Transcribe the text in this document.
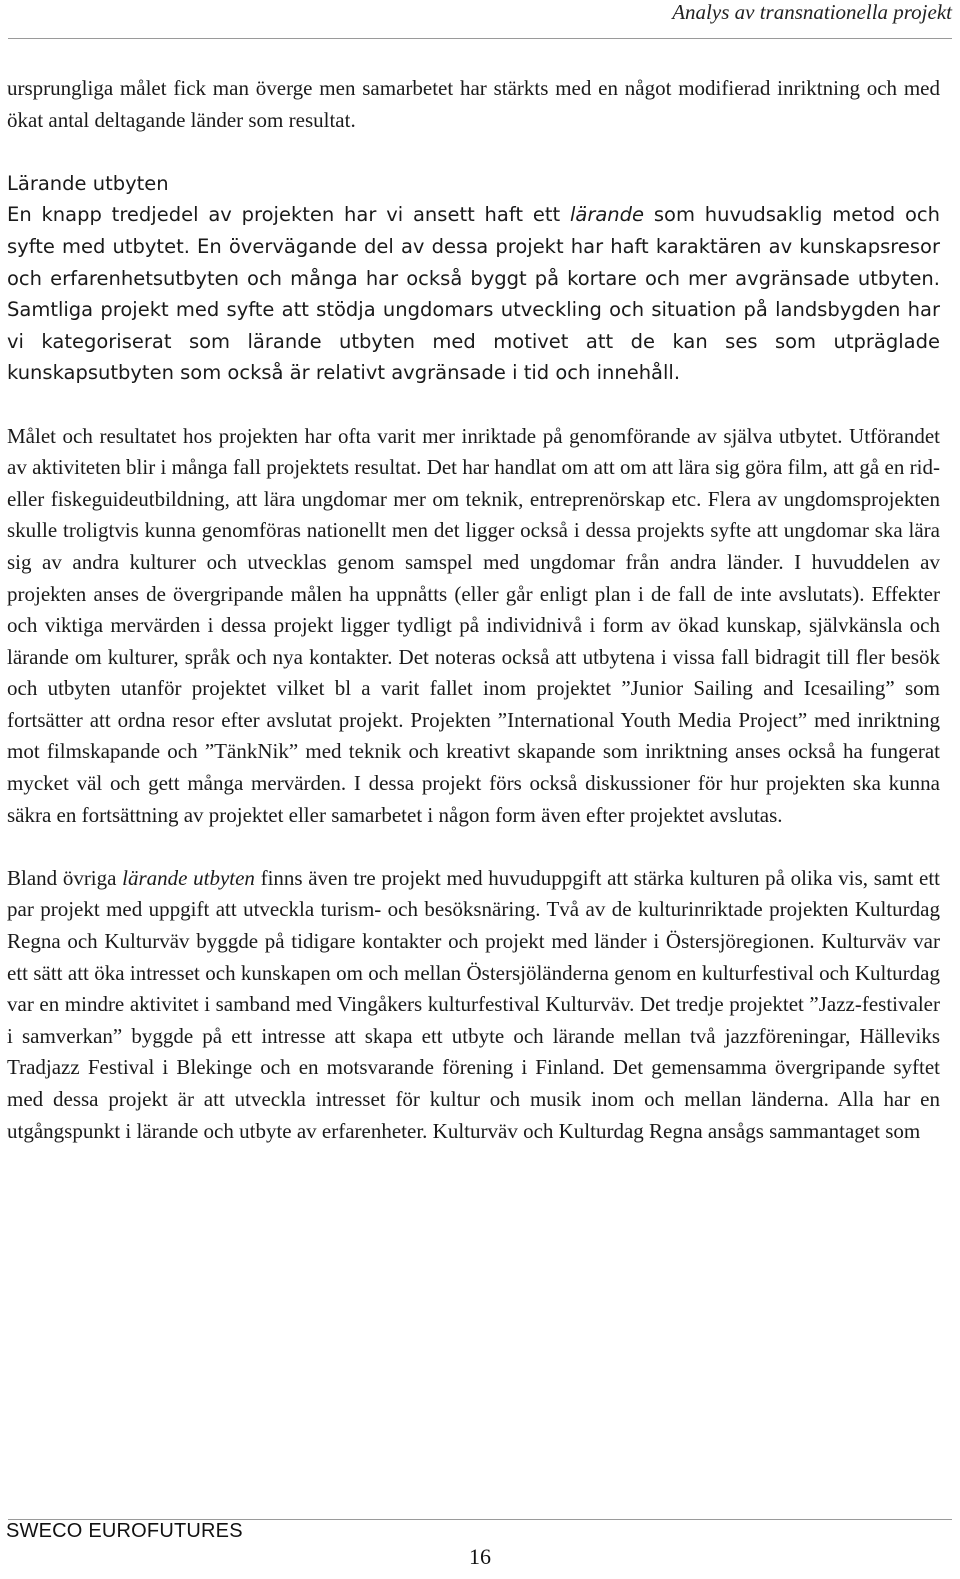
Analys av transnationella projekt

ursprungliga målet fick man överge men samarbetet har stärkts med en något modifierad inriktning och med ökat antal deltagande länder som resultat.

Lärande utbyten

En knapp tredjedel av projekten har vi ansett haft ett lärande som huvudsaklig metod och syfte med utbytet. En övervägande del av dessa projekt har haft karaktären av kunskapsresor och erfarenhetsutbyten och många har också byggt på kortare och mer avgränsade utbyten. Samtliga projekt med syfte att stödja ungdomars utveckling och situation på landsbygden har vi kategoriserat som lärande utbyten med motivet att de kan ses som utpräglade kunskapsutbyten som också är relativt avgränsade i tid och innehåll.

Målet och resultatet hos projekten har ofta varit mer inriktade på genomförande av själva utbytet. Utförandet av aktiviteten blir i många fall projektets resultat. Det har handlat om att om att lära sig göra film, att gå en rid- eller fiskeguideutbildning, att lära ungdomar mer om teknik, entreprenörskap etc. Flera av ungdomsprojekten skulle troligtvis kunna genomföras nationellt men det ligger också i dessa projekts syfte att ungdomar ska lära sig av andra kulturer och utvecklas genom samspel med ungdomar från andra länder. I huvuddelen av projekten anses de övergripande målen ha uppnåtts (eller går enligt plan i de fall de inte avslutats). Effekter och viktiga mervärden i dessa projekt ligger tydligt på individnivå i form av ökad kunskap, självkänsla och lärande om kulturer, språk och nya kontakter. Det noteras också att utbytena i vissa fall bidragit till fler besök och utbyten utanför projektet vilket bl a varit fallet inom projektet ”Junior Sailing and Icesailing” som fortsätter att ordna resor efter avslutat projekt. Projekten ”International Youth Media Project” med inriktning mot filmskapande och ”TänkNik” med teknik och kreativt skapande som inriktning anses också ha fungerat mycket väl och gett många mervärden. I dessa projekt förs också diskussioner för hur projekten ska kunna säkra en fortsättning av projektet eller samarbetet i någon form även efter projektet avslutas.

Bland övriga lärande utbyten finns även tre projekt med huvuduppgift att stärka kulturen på olika vis, samt ett par projekt med uppgift att utveckla turism- och besöksnäring. Två av de kulturinriktade projekten Kulturdag Regna och Kulturväv byggde på tidigare kontakter och projekt med länder i Östersjöregionen. Kulturväv var ett sätt att öka intresset och kunskapen om och mellan Östersjöländerna genom en kulturfestival och Kulturdag var en mindre aktivitet i samband med Vingåkers kulturfestival Kulturväv. Det tredje projektet ”Jazz-festivaler i samverkan” byggde på ett intresse att skapa ett utbyte och lärande mellan två jazzföreningar, Hälleviks Tradjazz Festival i Blekinge och en motsvarande förening i Finland. Det gemensamma övergripande syftet med dessa projekt är att utveckla intresset för kultur och musik inom och mellan länderna. Alla har en utgångspunkt i lärande och utbyte av erfarenheter. Kulturväv och Kulturdag Regna ansågs sammantaget som

SWECO EUROFUTURES
16
